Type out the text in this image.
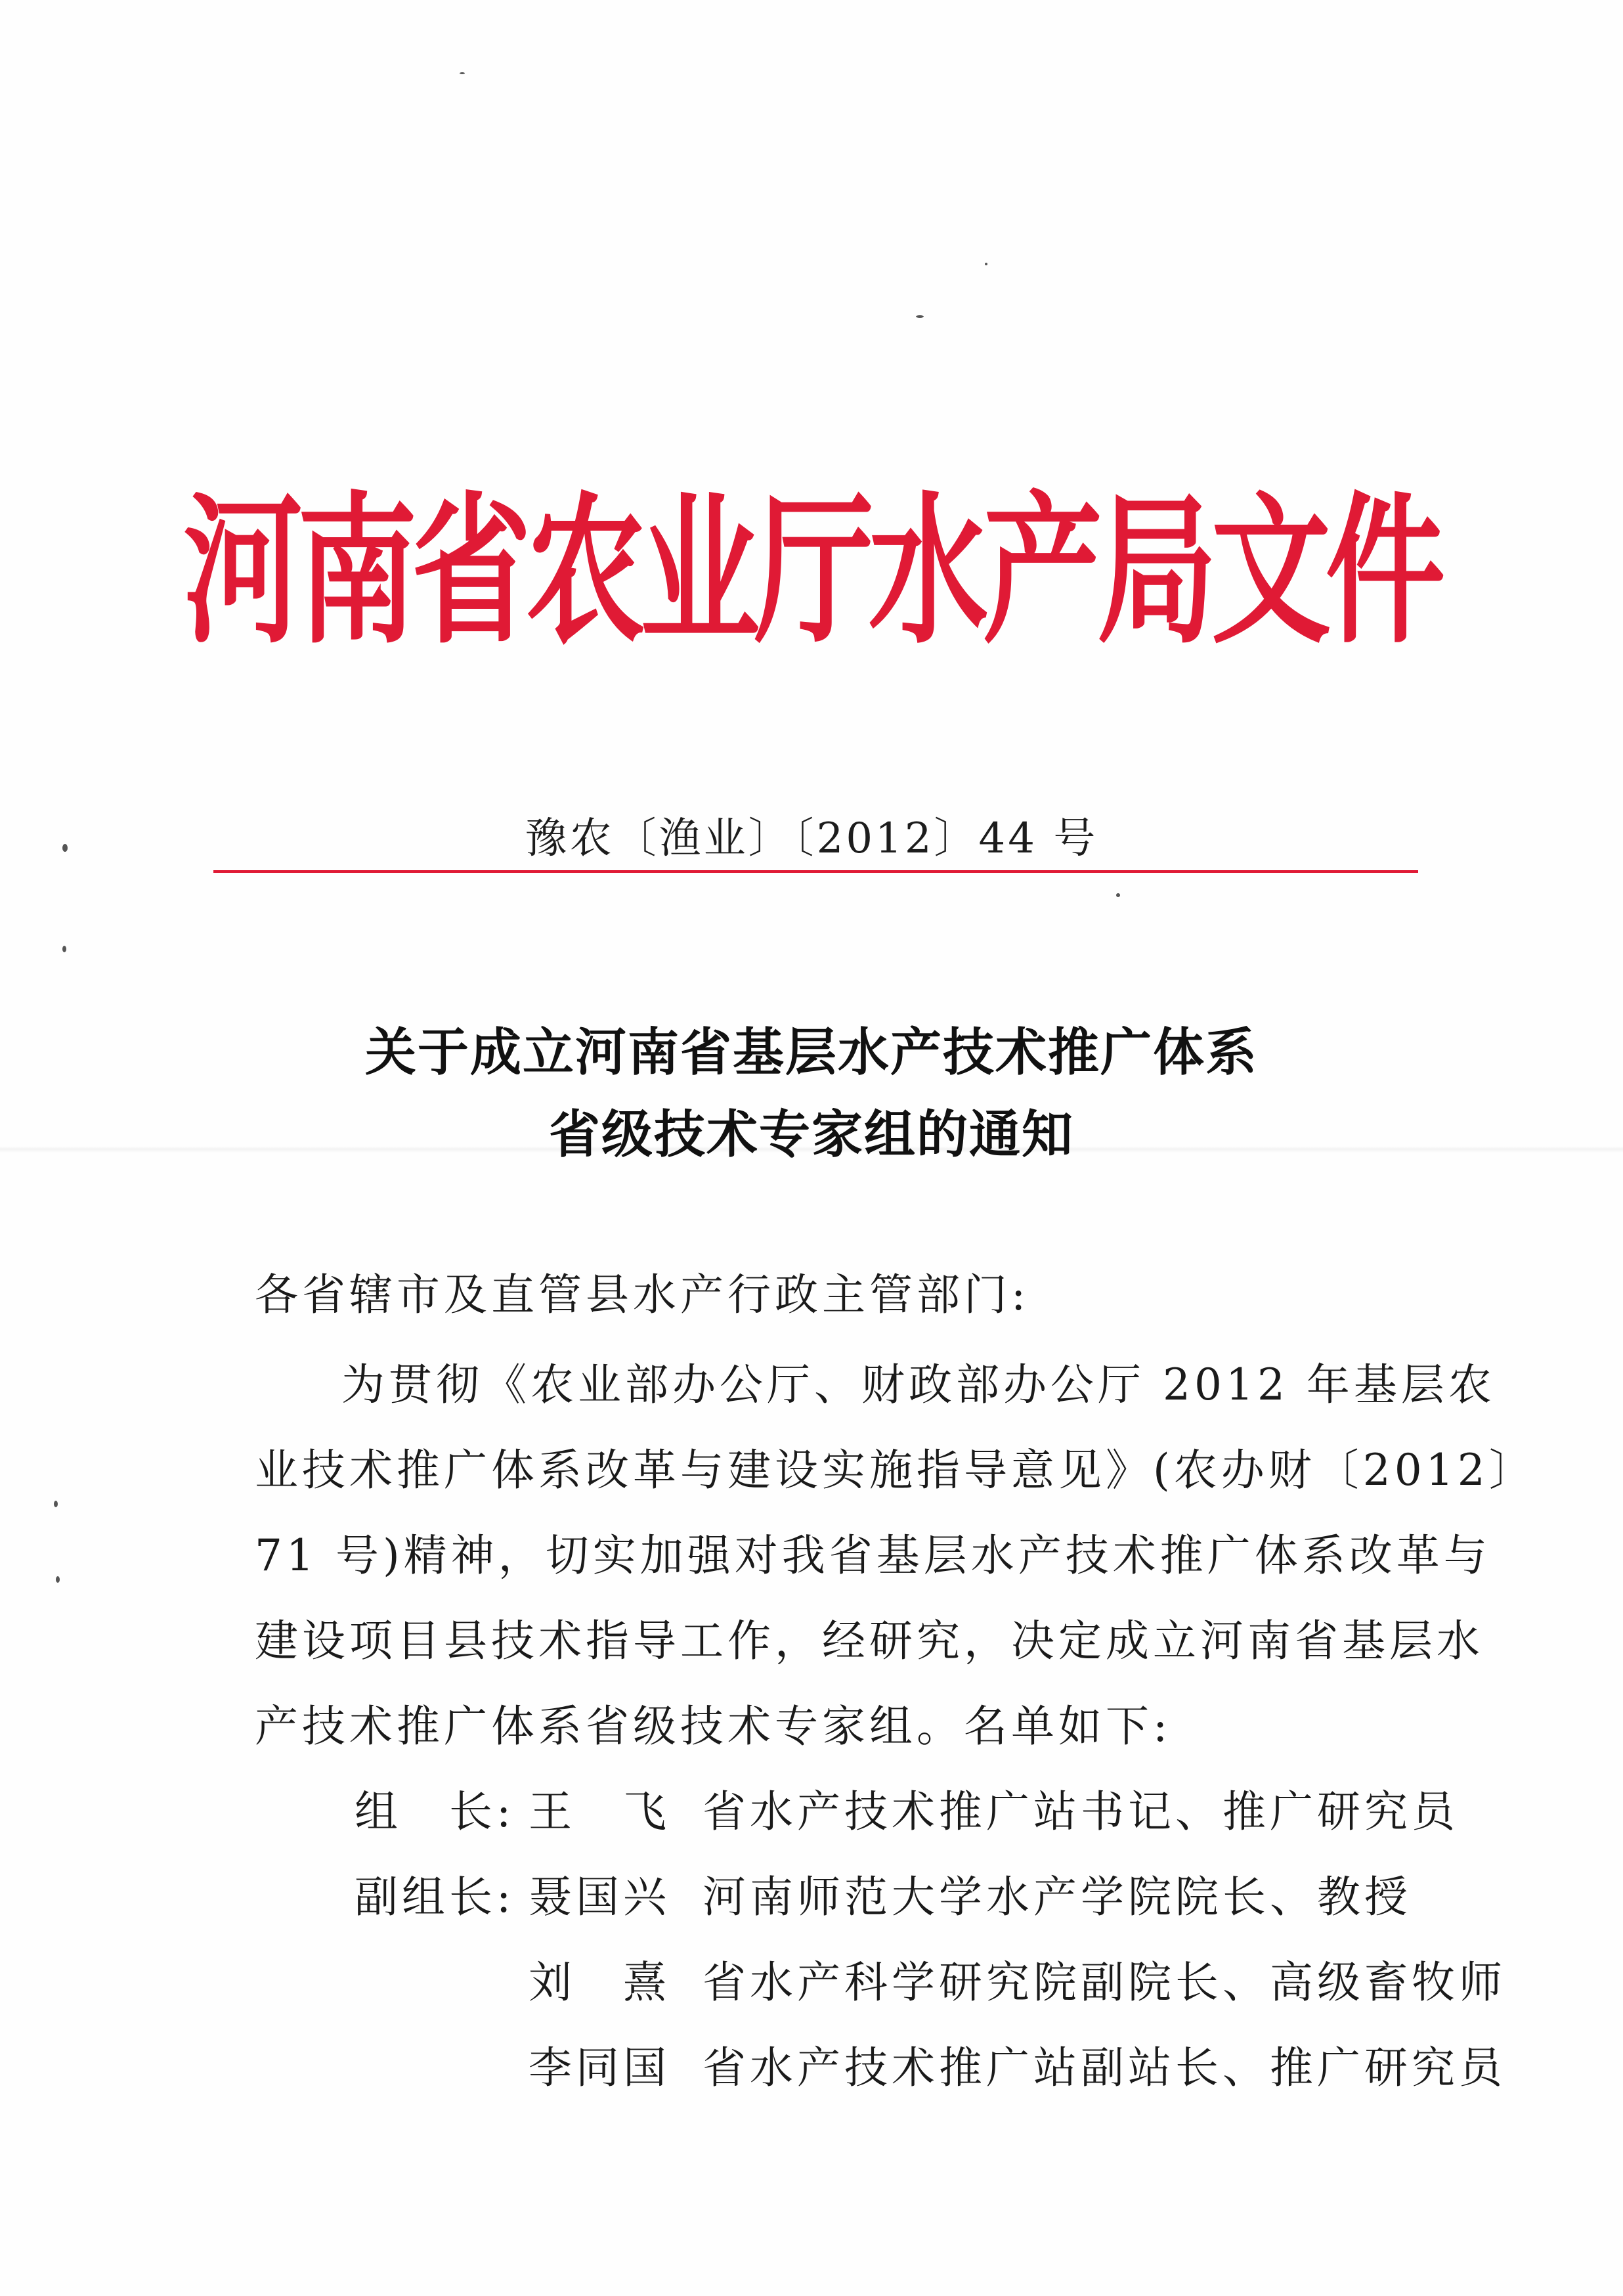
河南省农业厅水产局文件
豫农〔渔业〕〔2012〕44 号
关于成立河南省基层水产技术推广体系
省级技术专家组的通知
各省辖市及直管县水产行政主管部门:
为贯彻《农业部办公厅、财政部办公厅 2012 年基层农
业技术推广体系改革与建设实施指导意见》(农办财〔2012〕
71 号)精神，切实加强对我省基层水产技术推广体系改革与
建设项目县技术指导工作，经研究，决定成立河南省基层水
产技术推广体系省级技术专家组。名单如下:
组　长: 王　飞 省水产技术推广站书记、推广研究员
副组长: 聂国兴 河南师范大学水产学院院长、教授
刘　熹 省水产科学研究院副院长、高级畜牧师
李同国 省水产技术推广站副站长、推广研究员
